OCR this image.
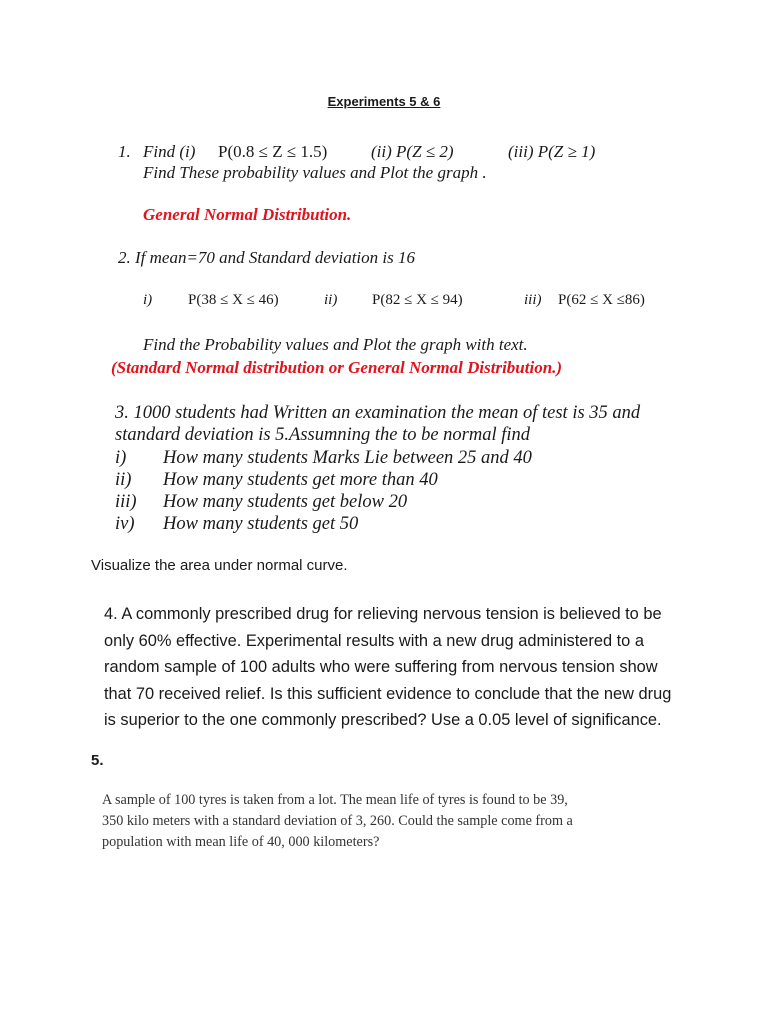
Experiments 5 & 6
1. Find (i) P(0.8 ≤ Z ≤ 1.5)	(ii) P(Z ≤ 2)	(iii) P(Z ≥ 1)
Find These probability values and Plot the graph .
General Normal Distribution.
2. If mean=70 and Standard deviation is 16
i) P(38 ≤ X ≤ 46)	ii) P(82 ≤ X ≤ 94)	iii) P(62 ≤ X ≤86)
Find the Probability values and Plot the graph with text.
(Standard Normal distribution or General Normal Distribution.)
3. 1000 students had Written an examination the mean of test is 35 and
standard deviation is 5.Assumning the to be normal find
i) How many students Marks Lie between 25 and 40
ii) How many students get more than 40
iii) How many students get below 20
iv) How many students get 50
Visualize the area under normal curve.
4. A commonly prescribed drug for relieving nervous tension is believed to be
only 60% effective. Experimental results with a new drug administered to a
random sample of 100 adults who were suffering from nervous tension show
that 70 received relief. Is this sufficient evidence to conclude that the new drug
is superior to the one commonly prescribed? Use a 0.05 level of significance.
5.
A sample of 100 tyres is taken from a lot. The mean life of tyres is found to be 39,
350 kilo meters with a standard deviation of 3, 260. Could the sample come from a
population with mean life of 40, 000 kilometers?
